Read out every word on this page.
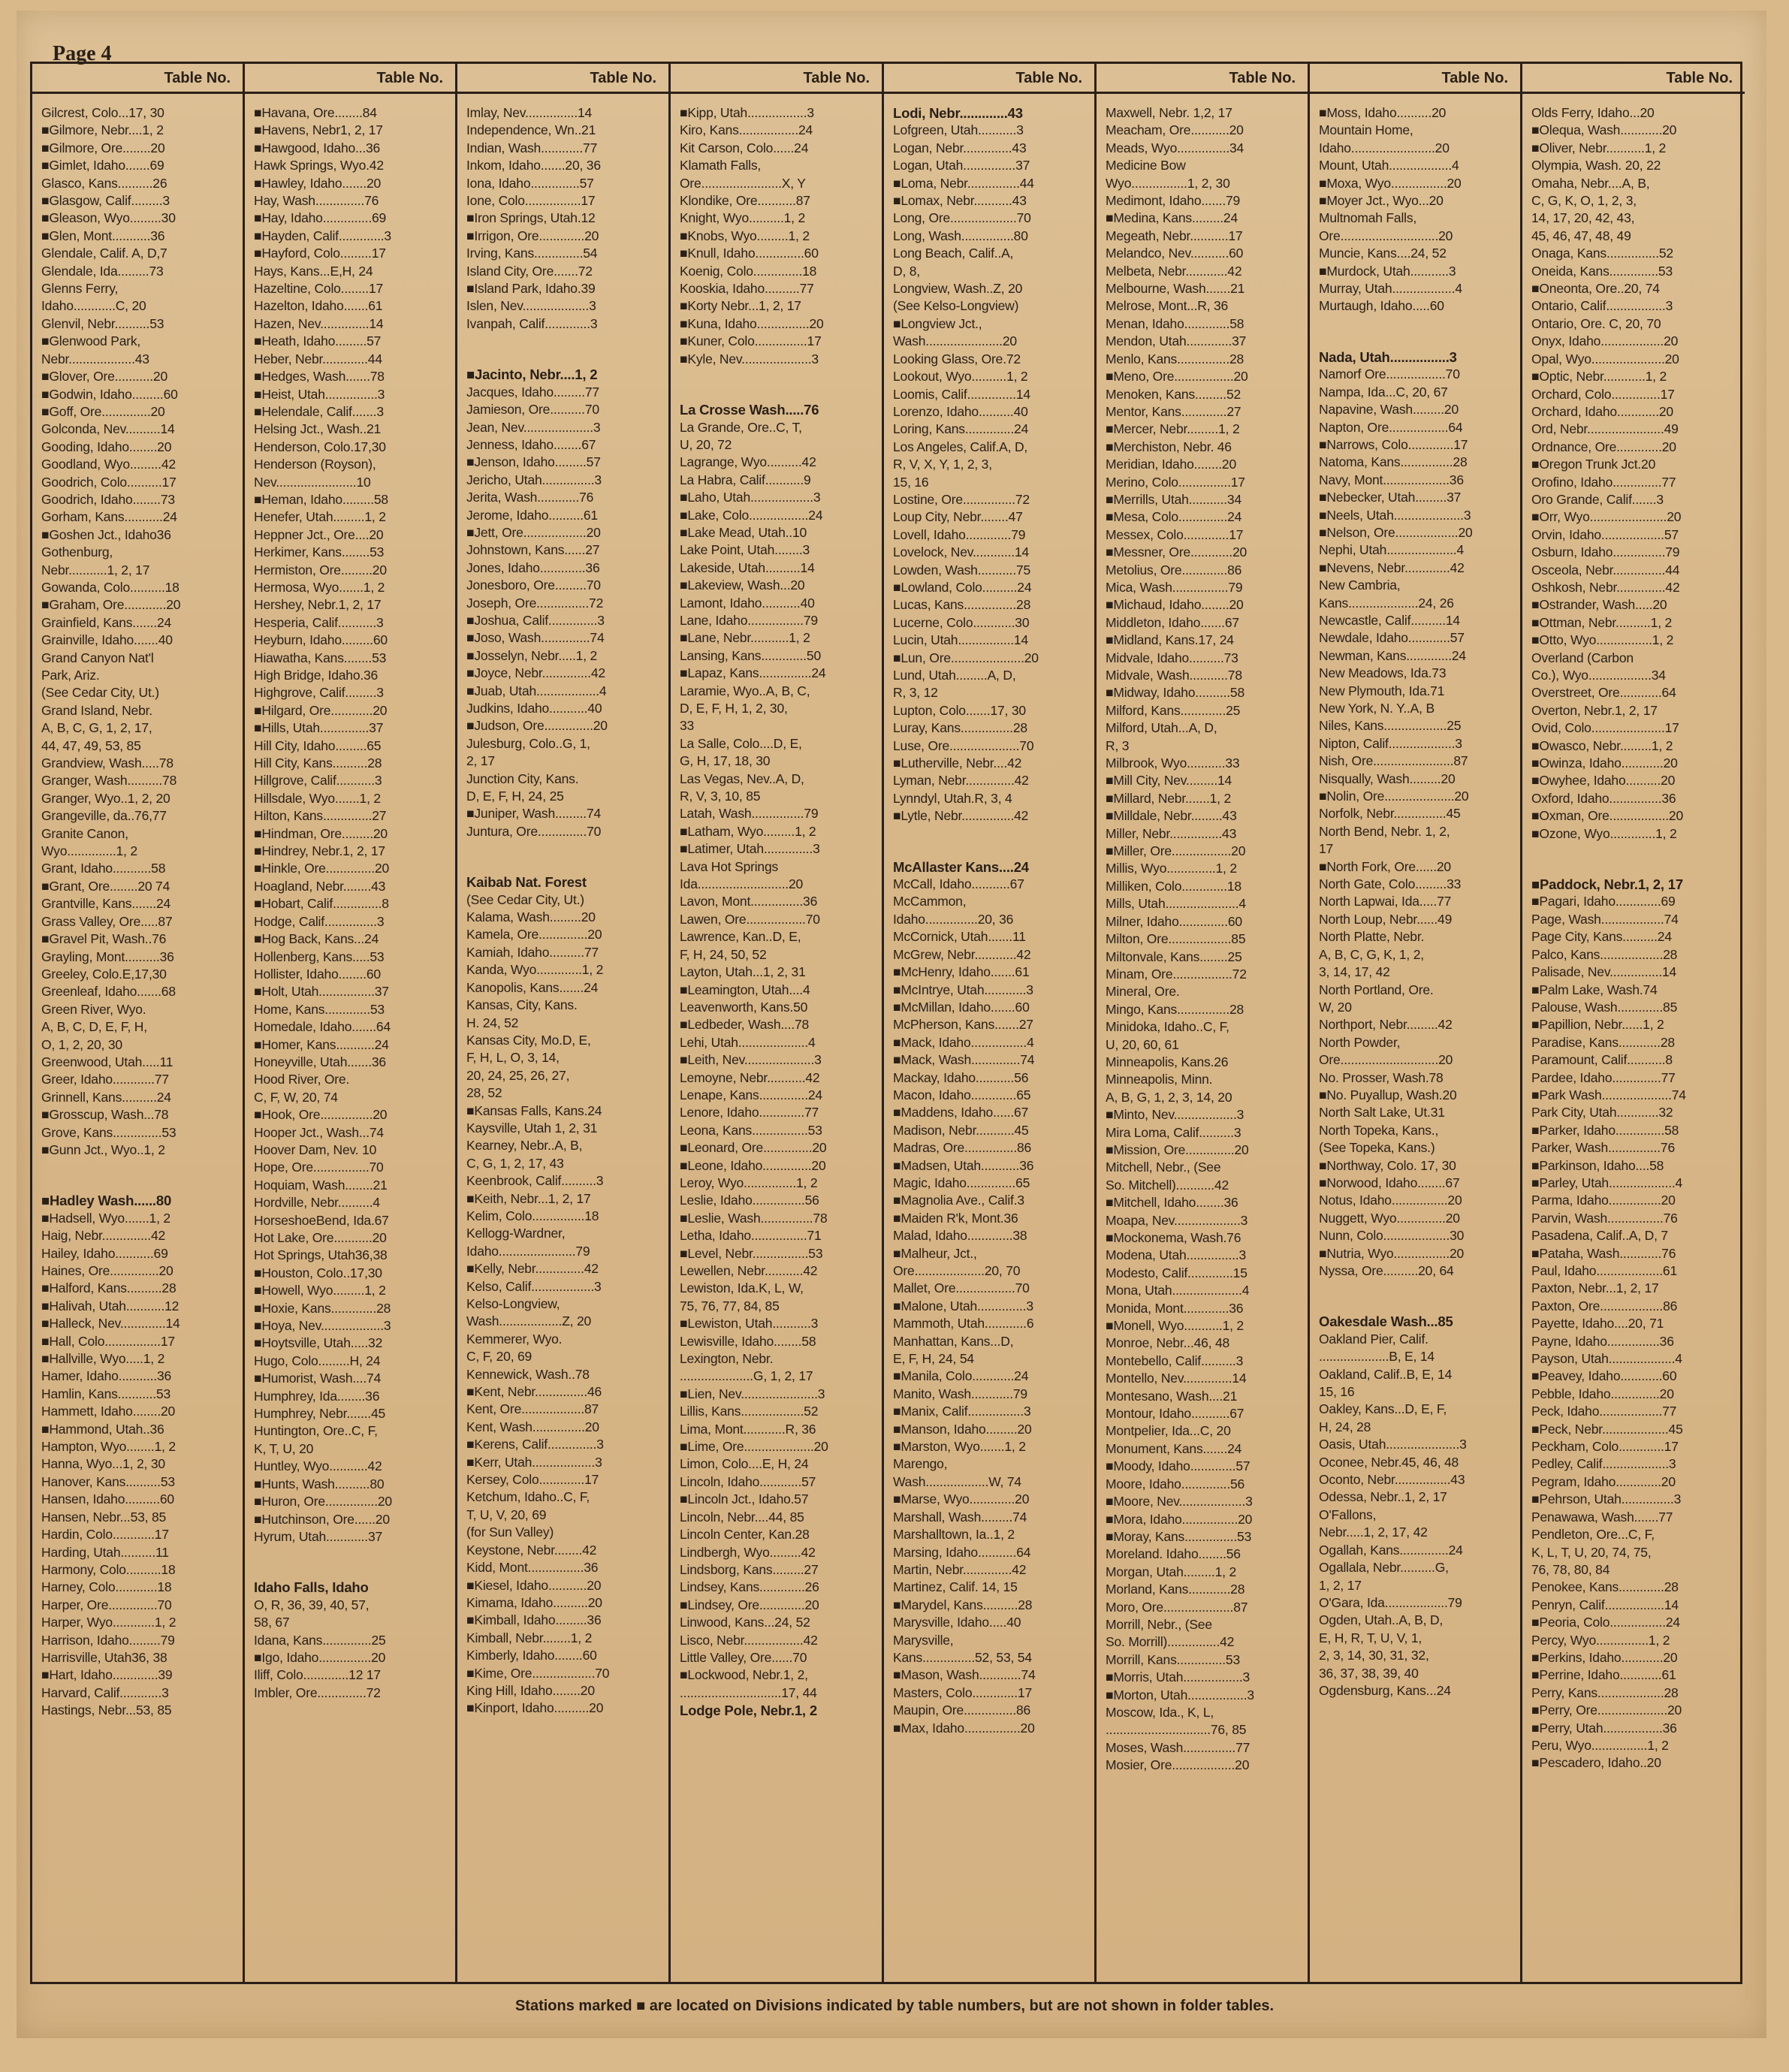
Page 4
Table No.
Gilcrest, Colo...17, 30
■Gilmore, Nebr....1, 2
■Gilmore, Ore........20
■Gimlet, Idaho.......69
Glasco, Kans..........26
■Glasgow, Calif.........3
■Gleason, Wyo.........30
■Glen, Mont...........36
Glendale, Calif. A, D,7
Glendale, Ida.........73
Glenns Ferry,
Idaho............C, 20
Glenvil, Nebr..........53
■Glenwood Park,
Nebr...................43
■Glover, Ore...........20
■Godwin, Idaho.........60
■Goff, Ore..............20
Golconda, Nev..........14
Gooding, Idaho........20
Goodland, Wyo.........42
Goodrich, Colo..........17
Goodrich, Idaho........73
Gorham, Kans...........24
■Goshen Jct., Idaho36
Gothenburg,
Nebr...........1, 2, 17
Gowanda, Colo..........18
■Graham, Ore............20
Grainfield, Kans.......24
Grainville, Idaho.......40
Grand Canyon Nat'l
Park, Ariz.
(See Cedar City, Ut.)
Grand Island, Nebr.
A, B, C, G, 1, 2, 17,
44, 47, 49, 53, 85
Grandview, Wash.....78
Granger, Wash..........78
Granger, Wyo..1, 2, 20
Grangeville, da..76,77
Granite Canon,
Wyo..............1, 2
Grant, Idaho...........58
■Grant, Ore........20 74
Grantville, Kans.......24
Grass Valley, Ore.....87
■Gravel Pit, Wash..76
Grayling, Mont..........36
Greeley, Colo.E,17,30
Greenleaf, Idaho.......68
Green River, Wyo.
A, B, C, D, E, F, H,
O, 1, 2, 20, 30
Greenwood, Utah.....11
Greer, Idaho............77
Grinnell, Kans..........24
■Grosscup, Wash...78
Grove, Kans..............53
■Gunn Jct., Wyo..1, 2
■Hadley Wash......80
■Hadsell, Wyo.......1, 2
Haig, Nebr..............42
Hailey, Idaho...........69
Haines, Ore..............20
■Halford, Kans..........28
■Halivah, Utah...........12
■Halleck, Nev.............14
■Hall, Colo................17
■Hallville, Wyo.....1, 2
Hamer, Idaho...........36
Hamlin, Kans...........53
Hammett, Idaho........20
■Hammond, Utah..36
Hampton, Wyo........1, 2
Hanna, Wyo...1, 2, 30
Hanover, Kans..........53
Hansen, Idaho..........60
Hansen, Nebr...53, 85
Hardin, Colo............17
Harding, Utah..........11
Harmony, Colo..........18
Harney, Colo............18
Harper, Ore..............70
Harper, Wyo............1, 2
Harrison, Idaho.........79
Harrisville, Utah36, 38
■Hart, Idaho.............39
Harvard, Calif............3
Hastings, Nebr...53, 85
Table No.
■Havana, Ore........84
■Havens, Nebr1, 2, 17
■Hawgood, Idaho...36
Hawk Springs, Wyo.42
■Hawley, Idaho.......20
Hay, Wash..............76
■Hay, Idaho..............69
■Hayden, Calif.............3
■Hayford, Colo.........17
Hays, Kans...E,H, 24
Hazeltine, Colo........17
Hazelton, Idaho.......61
Hazen, Nev..............14
■Heath, Idaho.........57
Heber, Nebr.............44
■Hedges, Wash.......78
■Heist, Utah...............3
■Helendale, Calif.......3
Helsing Jct., Wash..21
Henderson, Colo.17,30
Henderson (Royson),
Nev.......................10
■Heman, Idaho.........58
Henefer, Utah.........1, 2
Heppner Jct., Ore....20
Herkimer, Kans........53
Hermiston, Ore.........20
Hermosa, Wyo.......1, 2
Hershey, Nebr.1, 2, 17
Hesperia, Calif...........3
Heyburn, Idaho.........60
Hiawatha, Kans........53
High Bridge, Idaho.36
Highgrove, Calif.........3
■Hilgard, Ore............20
■Hills, Utah..............37
Hill City, Idaho.........65
Hill City, Kans..........28
Hillgrove, Calif...........3
Hillsdale, Wyo.......1, 2
Hilton, Kans..............27
■Hindman, Ore.........20
■Hindrey, Nebr.1, 2, 17
■Hinkle, Ore..............20
Hoagland, Nebr........43
■Hobart, Calif..............8
Hodge, Calif...............3
■Hog Back, Kans...24
Hollenberg, Kans.....53
Hollister, Idaho........60
■Holt, Utah................37
Home, Kans.............53
Homedale, Idaho.......64
■Homer, Kans...........24
Honeyville, Utah.......36
Hood River, Ore.
C, F, W, 20, 74
■Hook, Ore...............20
Hooper Jct., Wash...74
Hoover Dam, Nev. 10
Hope, Ore................70
Hoquiam, Wash........21
Hordville, Nebr..........4
HorseshoeBend, Ida.67
Hot Lake, Ore...........20
Hot Springs, Utah36,38
■Houston, Colo..17,30
■Howell, Wyo.........1, 2
■Hoxie, Kans.............28
■Hoya, Nev..................3
■Hoytsville, Utah.....32
Hugo, Colo.........H, 24
■Humorist, Wash....74
Humphrey, Ida........36
Humphrey, Nebr.......45
Huntington, Ore..C, F,
K, T, U, 20
Huntley, Wyo...........42
■Hunts, Wash..........80
■Huron, Ore...............20
■Hutchinson, Ore......20
Hyrum, Utah............37
Idaho Falls, Idaho
O, R, 36, 39, 40, 57,
58, 67
Idana, Kans..............25
■Igo, Idaho...............20
Iliff, Colo.............12 17
Imbler, Ore..............72
Table No.
Imlay, Nev...............14
Independence, Wn..21
Indian, Wash............77
Inkom, Idaho.......20, 36
Iona, Idaho..............57
Ione, Colo................17
■Iron Springs, Utah.12
■Irrigon, Ore.............20
Irving, Kans..............54
Island City, Ore.......72
■Island Park, Idaho.39
Islen, Nev...................3
Ivanpah, Calif.............3
■Jacinto, Nebr....1, 2
Jacques, Idaho.........77
Jamieson, Ore..........70
Jean, Nev....................3
Jenness, Idaho........67
■Jenson, Idaho.........57
Jericho, Utah...............3
Jerita, Wash............76
Jerome, Idaho..........61
■Jett, Ore..................20
Johnstown, Kans......27
Jones, Idaho.............36
Jonesboro, Ore.........70
Joseph, Ore...............72
■Joshua, Calif..............3
■Joso, Wash..............74
■Josselyn, Nebr.....1, 2
■Joyce, Nebr..............42
■Juab, Utah..................4
Judkins, Idaho...........40
■Judson, Ore..............20
Julesburg, Colo..G, 1,
2, 17
Junction City, Kans.
D, E, F, H, 24, 25
■Juniper, Wash.........74
Juntura, Ore..............70
Kaibab Nat. Forest
(See Cedar City, Ut.)
Kalama, Wash.........20
Kamela, Ore..............20
Kamiah, Idaho..........77
Kanda, Wyo.............1, 2
Kanopolis, Kans.......24
Kansas, City, Kans.
H. 24, 52
Kansas City, Mo.D, E,
F, H, L, O, 3, 14,
20, 24, 25, 26, 27,
28, 52
■Kansas Falls, Kans.24
Kaysville, Utah 1, 2, 31
Kearney, Nebr..A, B,
C, G, 1, 2, 17, 43
Keenbrook, Calif..........3
■Keith, Nebr...1, 2, 17
Kelim, Colo...............18
Kellogg-Wardner,
Idaho......................79
■Kelly, Nebr..............42
Kelso, Calif..................3
Kelso-Longview,
Wash..................Z, 20
Kemmerer, Wyo.
C, F, 20, 69
Kennewick, Wash..78
■Kent, Nebr...............46
Kent, Ore..................87
Kent, Wash...............20
■Kerens, Calif..............3
■Kerr, Utah..................3
Kersey, Colo.............17
Ketchum, Idaho..C, F,
T, U, V, 20, 69
(for Sun Valley)
Keystone, Nebr........42
Kidd, Mont................36
■Kiesel, Idaho...........20
Kimama, Idaho..........20
■Kimball, Idaho.........36
Kimball, Nebr........1, 2
Kimberly, Idaho........60
■Kime, Ore..................70
King Hill, Idaho........20
■Kinport, Idaho..........20
Table No.
■Kipp, Utah.................3
Kiro, Kans.................24
Kit Carson, Colo......24
Klamath Falls,
Ore.......................X, Y
Klondike, Ore...........87
Knight, Wyo..........1, 2
■Knobs, Wyo.........1, 2
■Knull, Idaho..............60
Koenig, Colo..............18
Kooskia, Idaho..........77
■Korty Nebr...1, 2, 17
■Kuna, Idaho...............20
■Kuner, Colo...............17
■Kyle, Nev....................3
La Crosse Wash.....76
La Grande, Ore..C, T,
U, 20, 72
Lagrange, Wyo..........42
La Habra, Calif...........9
■Laho, Utah..................3
■Lake, Colo.................24
■Lake Mead, Utah..10
Lake Point, Utah........3
Lakeside, Utah..........14
■Lakeview, Wash...20
Lamont, Idaho...........40
Lane, Idaho................79
■Lane, Nebr...........1, 2
Lansing, Kans.............50
■Lapaz, Kans...............24
Laramie, Wyo..A, B, C,
D, E, F, H, 1, 2, 30,
33
La Salle, Colo....D, E,
G, H, 17, 18, 30
Las Vegas, Nev..A, D,
R, V, 3, 10, 85
Latah, Wash...............79
■Latham, Wyo.........1, 2
■Latimer, Utah..............3
Lava Hot Springs
Ida..........................20
Lavon, Mont...............36
Lawen, Ore.................70
Lawrence, Kan..D, E,
F, H, 24, 50, 52
Layton, Utah...1, 2, 31
■Leamington, Utah....4
Leavenworth, Kans.50
■Ledbeder, Wash....78
Lehi, Utah....................4
■Leith, Nev....................3
Lemoyne, Nebr...........42
Lenape, Kans..............24
Lenore, Idaho.............77
Leona, Kans................53
■Leonard, Ore..............20
■Leone, Idaho..............20
Leroy, Wyo...............1, 2
Leslie, Idaho...............56
■Leslie, Wash...............78
Letha, Idaho................71
■Level, Nebr................53
Lewellen, Nebr...........42
Lewiston, Ida.K, L, W,
75, 76, 77, 84, 85
■Lewiston, Utah...........3
Lewisville, Idaho........58
Lexington, Nebr.
.....................G, 1, 2, 17
■Lien, Nev......................3
Lillis, Kans..................52
Lima, Mont............R, 36
■Lime, Ore....................20
Limon, Colo....E, H, 24
Lincoln, Idaho............57
■Lincoln Jct., Idaho.57
Lincoln, Nebr....44, 85
Lincoln Center, Kan.28
Lindbergh, Wyo.........42
Lindsborg, Kans.........27
Lindsey, Kans.............26
■Lindsey, Ore.............20
Linwood, Kans...24, 52
Lisco, Nebr.................42
Little Valley, Ore......70
■Lockwood, Nebr.1, 2,
.............................17, 44
Lodge Pole, Nebr.1, 2
Table No.
Lodi, Nebr.............43
Lofgreen, Utah...........3
Logan, Nebr..............43
Logan, Utah...............37
■Loma, Nebr...............44
■Lomax, Nebr...........43
Long, Ore...................70
Long, Wash...............80
Long Beach, Calif..A,
D, 8,
Longview, Wash..Z, 20
(See Kelso-Longview)
■Longview Jct.,
Wash......................20
Looking Glass, Ore.72
Lookout, Wyo..........1, 2
Loomis, Calif..............14
Lorenzo, Idaho..........40
Loring, Kans..............24
Los Angeles, Calif.A, D,
R, V, X, Y, 1, 2, 3,
15, 16
Lostine, Ore...............72
Loup City, Nebr........47
Lovell, Idaho.............79
Lovelock, Nev............14
Lowden, Wash...........75
■Lowland, Colo..........24
Lucas, Kans...............28
Lucerne, Colo............30
Lucin, Utah................14
■Lun, Ore.....................20
Lund, Utah.........A, D,
R, 3, 12
Lupton, Colo.......17, 30
Luray, Kans...............28
Luse, Ore....................70
■Lutherville, Nebr....42
Lyman, Nebr..............42
Lynndyl, Utah.R, 3, 4
■Lytle, Nebr...............42
McAllaster Kans....24
McCall, Idaho...........67
McCammon,
Idaho...............20, 36
McCornick, Utah.......11
McGrew, Nebr............42
■McHenry, Idaho.......61
■McIntrye, Utah............3
■McMillan, Idaho.......60
McPherson, Kans.......27
■Mack, Idaho................4
■Mack, Wash..............74
Mackay, Idaho...........56
Macon, Idaho.............65
■Maddens, Idaho......67
Madison, Nebr...........45
Madras, Ore...............86
■Madsen, Utah...........36
Magic, Idaho..............65
■Magnolia Ave., Calif.3
■Maiden R'k, Mont.36
Malad, Idaho.............38
■Malheur, Jct.,
Ore....................20, 70
Mallet, Ore.................70
■Malone, Utah..............3
Mammoth, Utah............6
Manhattan, Kans...D,
E, F, H, 24, 54
■Manila, Colo............24
Manito, Wash............79
■Manix, Calif................3
■Manson, Idaho.........20
■Marston, Wyo.......1, 2
Marengo,
Wash..................W, 74
■Marse, Wyo.............20
Marshall, Wash.........74
Marshalltown, Ia..1, 2
Marsing, Idaho...........64
Martin, Nebr..............42
Martinez, Calif. 14, 15
■Marydel, Kans..........28
Marysville, Idaho.....40
Marysville,
Kans...............52, 53, 54
■Mason, Wash............74
Masters, Colo.............17
Maupin, Ore...............86
■Max, Idaho................20
Table No.
Maxwell, Nebr. 1,2, 17
Meacham, Ore...........20
Meads, Wyo...............34
Medicine Bow
Wyo................1, 2, 30
Medimont, Idaho.......79
■Medina, Kans.........24
Megeath, Nebr...........17
Melandco, Nev...........60
Melbeta, Nebr............42
Melbourne, Wash.......21
Melrose, Mont...R, 36
Menan, Idaho.............58
Mendon, Utah.............37
Menlo, Kans...............28
■Meno, Ore.................20
Menoken, Kans.........52
Mentor, Kans.............27
■Mercer, Nebr.........1, 2
■Merchiston, Nebr. 46
Meridian, Idaho........20
Merino, Colo...............17
■Merrills, Utah...........34
■Mesa, Colo..............24
Messex, Colo.............17
■Messner, Ore............20
Metolius, Ore.............86
Mica, Wash................79
■Michaud, Idaho........20
Middleton, Idaho.......67
■Midland, Kans.17, 24
Midvale, Idaho..........73
Midvale, Wash...........78
■Midway, Idaho..........58
Milford, Kans.............25
Milford, Utah...A, D,
R, 3
Milbrook, Wyo...........33
■Mill City, Nev.........14
■Millard, Nebr.......1, 2
■Milldale, Nebr.........43
Miller, Nebr...............43
■Miller, Ore.................20
Millis, Wyo..............1, 2
Milliken, Colo.............18
Mills, Utah.....................4
Milner, Idaho..............60
Milton, Ore..................85
Miltonvale, Kans........25
Minam, Ore.................72
Mineral, Ore.
Mingo, Kans...............28
Minidoka, Idaho..C, F,
U, 20, 60, 61
Minneapolis, Kans.26
Minneapolis, Minn.
A, B, G, 1, 2, 3, 14, 20
■Minto, Nev..................3
Mira Loma, Calif..........3
■Mission, Ore..............20
Mitchell, Nebr., (See
So. Mitchell)...........42
■Mitchell, Idaho........36
Moapa, Nev...................3
■Mockonema, Wash.76
Modena, Utah...............3
Modesto, Calif.............15
Mona, Utah....................4
Monida, Mont.............36
■Monell, Wyo...........1, 2
Monroe, Nebr...46, 48
Montebello, Calif..........3
Montello, Nev..............14
Montesano, Wash....21
Montour, Idaho...........67
Montpelier, Ida...C, 20
Monument, Kans.......24
■Moody, Idaho.............57
Moore, Idaho..............56
■Moore, Nev...................3
■Mora, Idaho................20
■Moray, Kans...............53
Moreland. Idaho........56
Morgan, Utah.........1, 2
Morland, Kans............28
Moro, Ore....................87
Morrill, Nebr., (See
So. Morrill)...............42
Morrill, Kans..............53
■Morris, Utah.................3
■Morton, Utah.................3
Moscow, Ida., K, L,
..............................76, 85
Moses, Wash...............77
Mosier, Ore..................20
Table No.
■Moss, Idaho..........20
Mountain Home,
Idaho........................20
Mount, Utah..................4
■Moxa, Wyo................20
■Moyer Jct., Wyo...20
Multnomah Falls,
Ore............................20
Muncie, Kans....24, 52
■Murdock, Utah...........3
Murray, Utah..................4
Murtaugh, Idaho.....60
Nada, Utah................3
Namorf Ore.................70
Nampa, Ida...C, 20, 67
Napavine, Wash.........20
Napton, Ore.................64
■Narrows, Colo.............17
Natoma, Kans...............28
Navy, Mont...................36
■Nebecker, Utah.........37
■Neels, Utah....................3
■Nelson, Ore..................20
Nephi, Utah....................4
■Nevens, Nebr.............42
New Cambria,
Kans....................24, 26
Newcastle, Calif..........14
Newdale, Idaho............57
Newman, Kans.............24
New Meadows, Ida.73
New Plymouth, Ida.71
New York, N. Y..A, B
Niles, Kans..................25
Nipton, Calif...................3
Nish, Ore.......................87
Nisqually, Wash.........20
■Nolin, Ore....................20
Norfolk, Nebr...............45
North Bend, Nebr. 1, 2,
17
■North Fork, Ore......20
North Gate, Colo.........33
North Lapwai, Ida.....77
North Loup, Nebr......49
North Platte, Nebr.
A, B, C, G, K, 1, 2,
3, 14, 17, 42
North Portland, Ore.
W, 20
Northport, Nebr.........42
North Powder,
Ore............................20
No. Prosser, Wash.78
■No. Puyallup, Wash.20
North Salt Lake, Ut.31
North Topeka, Kans.,
(See Topeka, Kans.)
■Northway, Colo. 17, 30
■Norwood, Idaho........67
Notus, Idaho................20
Nuggett, Wyo..............20
Nunn, Colo...................30
■Nutria, Wyo................20
Nyssa, Ore..........20, 64
Oakesdale Wash...85
Oakland Pier, Calif.
....................B, E, 14
Oakland, Calif..B, E, 14
15, 16
Oakley, Kans...D, E, F,
H, 24, 28
Oasis, Utah.....................3
Oconee, Nebr.45, 46, 48
Oconto, Nebr................43
Odessa, Nebr..1, 2, 17
O'Fallons,
Nebr.....1, 2, 17, 42
Ogallah, Kans..............24
Ogallala, Nebr..........G,
1, 2, 17
O'Gara, Ida..................79
Ogden, Utah..A, B, D,
E, H, R, T, U, V, 1,
2, 3, 14, 30, 31, 32,
36, 37, 38, 39, 40
Ogdensburg, Kans...24
Table No.
Olds Ferry, Idaho...20
■Olequa, Wash............20
■Oliver, Nebr...........1, 2
Olympia, Wash. 20, 22
Omaha, Nebr....A, B,
C, G, K, O, 1, 2, 3,
14, 17, 20, 42, 43,
45, 46, 47, 48, 49
Onaga, Kans...............52
Oneida, Kans..............53
■Oneonta, Ore..20, 74
Ontario, Calif.................3
Ontario, Ore. C, 20, 70
Onyx, Idaho..................20
Opal, Wyo.....................20
■Optic, Nebr............1, 2
Orchard, Colo..............17
Orchard, Idaho............20
Ord, Nebr......................49
Ordnance, Ore.............20
■Oregon Trunk Jct.20
Orofino, Idaho..............77
Oro Grande, Calif.......3
■Orr, Wyo......................20
Orvin, Idaho..................57
Osburn, Idaho...............79
Osceola, Nebr...............44
Oshkosh, Nebr..............42
■Ostrander, Wash.....20
■Ottman, Nebr..........1, 2
■Otto, Wyo................1, 2
Overland (Carbon
Co.), Wyo..................34
Overstreet, Ore............64
Overton, Nebr.1, 2, 17
Ovid, Colo.....................17
■Owasco, Nebr.........1, 2
■Owinza, Idaho............20
■Owyhee, Idaho..........20
Oxford, Idaho...............36
■Oxman, Ore.................20
■Ozone, Wyo.............1, 2
■Paddock, Nebr.1, 2, 17
■Pagari, Idaho.............69
Page, Wash..................74
Page City, Kans..........24
Palco, Kans..................28
Palisade, Nev...............14
■Palm Lake, Wash.74
Palouse, Wash.............85
■Papillion, Nebr......1, 2
Paradise, Kans............28
Paramount, Calif...........8
Pardee, Idaho..............77
■Park Wash....................74
Park City, Utah............32
■Parker, Idaho..............58
Parker, Wash...............76
■Parkinson, Idaho....58
■Parley, Utah...................4
Parma, Idaho...............20
Parvin, Wash................76
Pasadena, Calif..A, D, 7
■Pataha, Wash............76
Paul, Idaho...................61
Paxton, Nebr...1, 2, 17
Paxton, Ore..................86
Payette, Idaho....20, 71
Payne, Idaho...............36
Payson, Utah...................4
■Peavey, Idaho............60
Pebble, Idaho..............20
Peck, Idaho..................77
■Peck, Nebr...................45
Peckham, Colo.............17
Pedley, Calif...................3
Pegram, Idaho.............20
■Pehrson, Utah...............3
Penawawa, Wash.......77
Pendleton, Ore...C, F,
K, L, T, U, 20, 74, 75,
76, 78, 80, 84
Penokee, Kans.............28
Penryn, Calif.................14
■Peoria, Colo................24
Percy, Wyo...............1, 2
■Perkins, Idaho............20
■Perrine, Idaho............61
Perry, Kans...................28
■Perry, Ore....................20
■Perry, Utah.................36
Peru, Wyo................1, 2
■Pescadero, Idaho..20
Stations marked ■ are located on Divisions indicated by table numbers, but are not shown in folder tables.
